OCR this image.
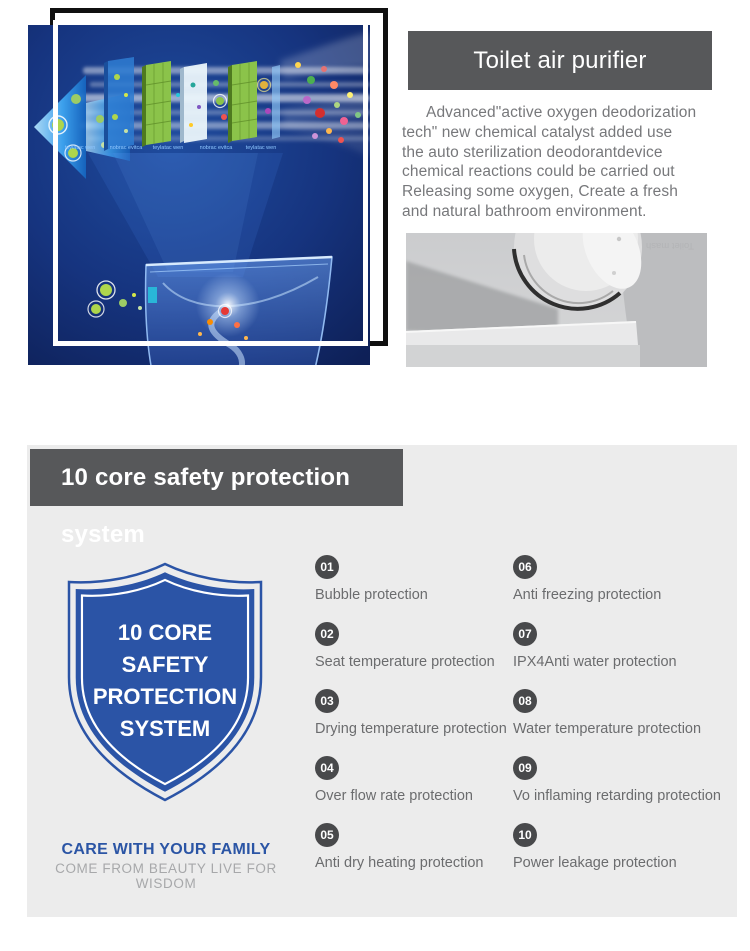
teylatac wen	nobrac evitca teylatac wen	nobrac evitca teylatac wen
Toilet air purifier
Advanced"active oxygen deodorization
tech" new chemical catalyst added use
the auto sterilization deodorantdevice
chemical reactions could be carried out
Releasing some oxygen, Create a fresh
and natural bathroom environment.
Toilet mash
10 core safety protection system
10 CORE
SAFETY
PROTECTION
SYSTEM
CARE WITH YOUR FAMILY
COME FROM BEAUTY LIVE FOR WISDOM
01
Bubble protection
02
Seat temperature protection
03
Drying temperature protection
04
Over flow rate protection
05
Anti dry heating protection
06
Anti freezing protection
07
IPX4Anti water protection
08
Water temperature protection
09
Vo inflaming retarding protection
10
Power leakage protection
